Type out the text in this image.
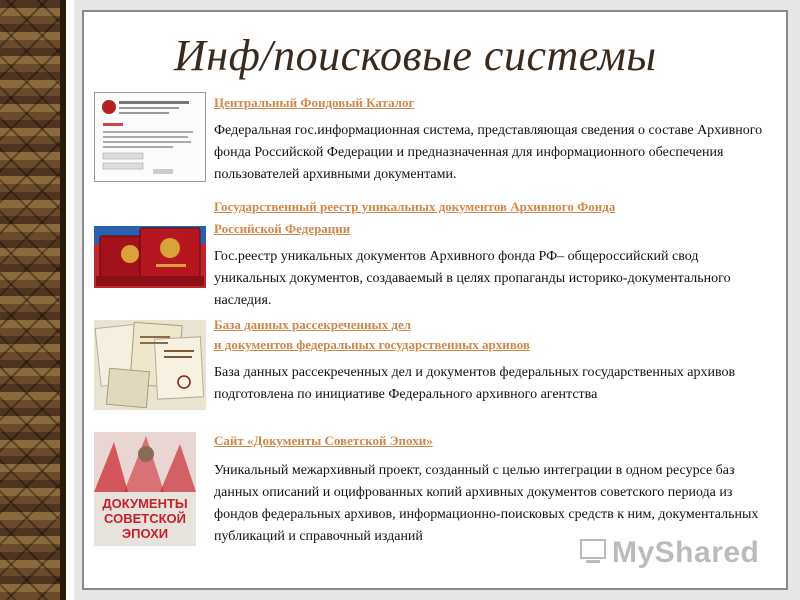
Инф/поисковые системы
Центральный Фондовый Каталог
Федеральная гос.информационная система, представляющая сведения о составе Архивного фонда Российской Федерации и предназначенная для информационного обеспечения пользователей архивными документами.
Государственный реестр уникальных документов Архивного Фонда
Российской Федерации
Гос.реестр уникальных документов Архивного фонда РФ– общероссийский свод уникальных документов, создаваемый в целях пропаганды историко-документального наследия.
База данных рассекреченных дел
и документов федеральных государственных архивов
База данных рассекреченных дел и документов федеральных государственных архивов подготовлена по инициативе Федерального архивного агентства
ДОКУМЕНТЫ
СОВЕТСКОЙ
ЭПОХИ
Сайт «Документы Советской Эпохи»
Уникальный межархивный проект, созданный с целью интеграции в одном ресурсе баз данных описаний и оцифрованных копий архивных документов советского периода из фондов федеральных архивов, информационно-поисковых средств к ним, документальных публикаций и справочный изданий	MyShared
